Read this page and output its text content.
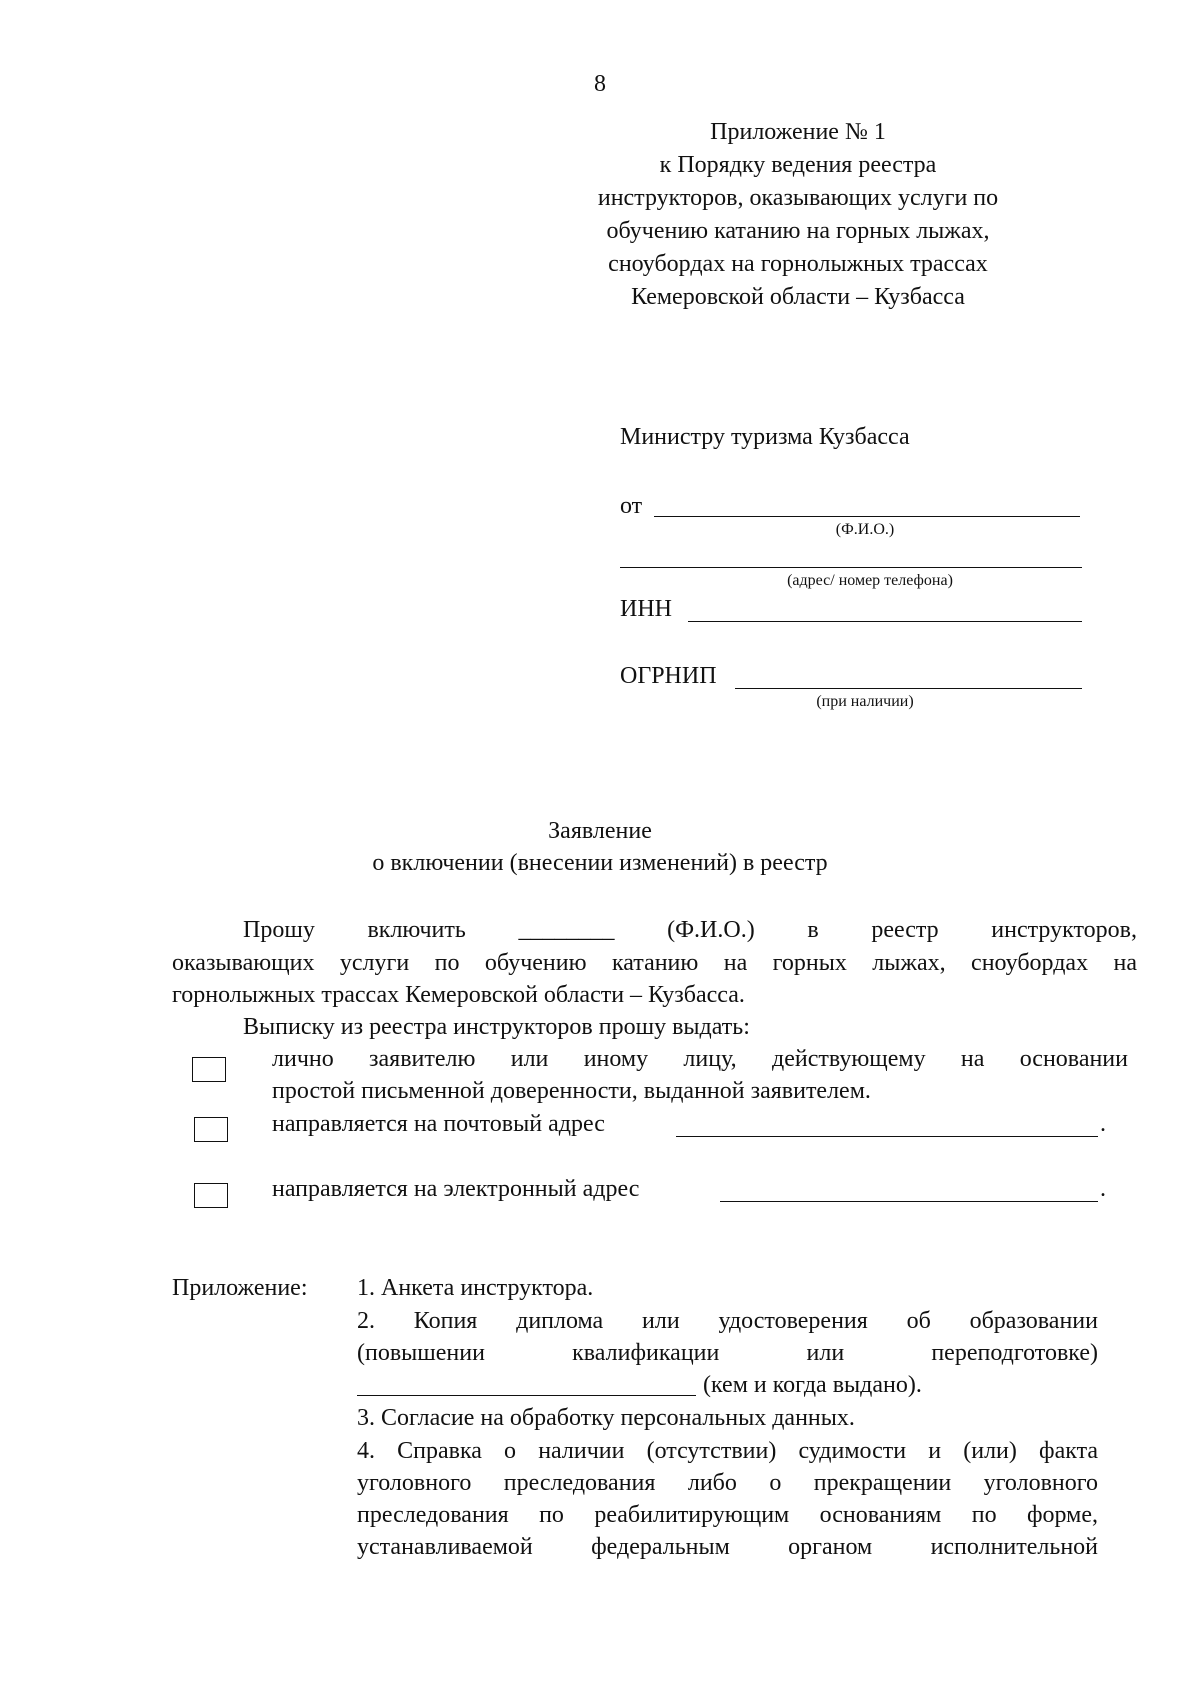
8
Приложение № 1
к Порядку ведения реестра
инструкторов, оказывающих услуги по
обучению катанию на горных лыжах,
сноубордах на горнолыжных трассах
Кемеровской области – Кузбасса
Министру туризма Кузбасса
от
(Ф.И.О.)
(адрес/ номер телефона)
ИНН
ОГРНИП
(при наличии)
Заявление
о включении (внесении изменений) в реестр
Прошу включить ________ (Ф.И.О.) в реестр инструкторов,
оказывающих услуги по обучению катанию на горных лыжах, сноубордах на
горнолыжных трассах Кемеровской области – Кузбасса.
Выписку из реестра инструкторов прошу выдать:
лично заявителю или иному лицу, действующему на основании
простой письменной доверенности, выданной заявителем.
направляется на почтовый адрес	.
направляется на электронный адрес	.
Приложение: 1. Анкета инструктора.
2. Копия диплома или удостоверения об образовании
(повышении квалификации или переподготовке)
(кем и когда выдано).
3. Согласие на обработку персональных данных.
4. Справка о наличии (отсутствии) судимости и (или) факта
уголовного преследования либо о прекращении уголовного
преследования по реабилитирующим основаниям по форме,
устанавливаемой федеральным органом исполнительной
